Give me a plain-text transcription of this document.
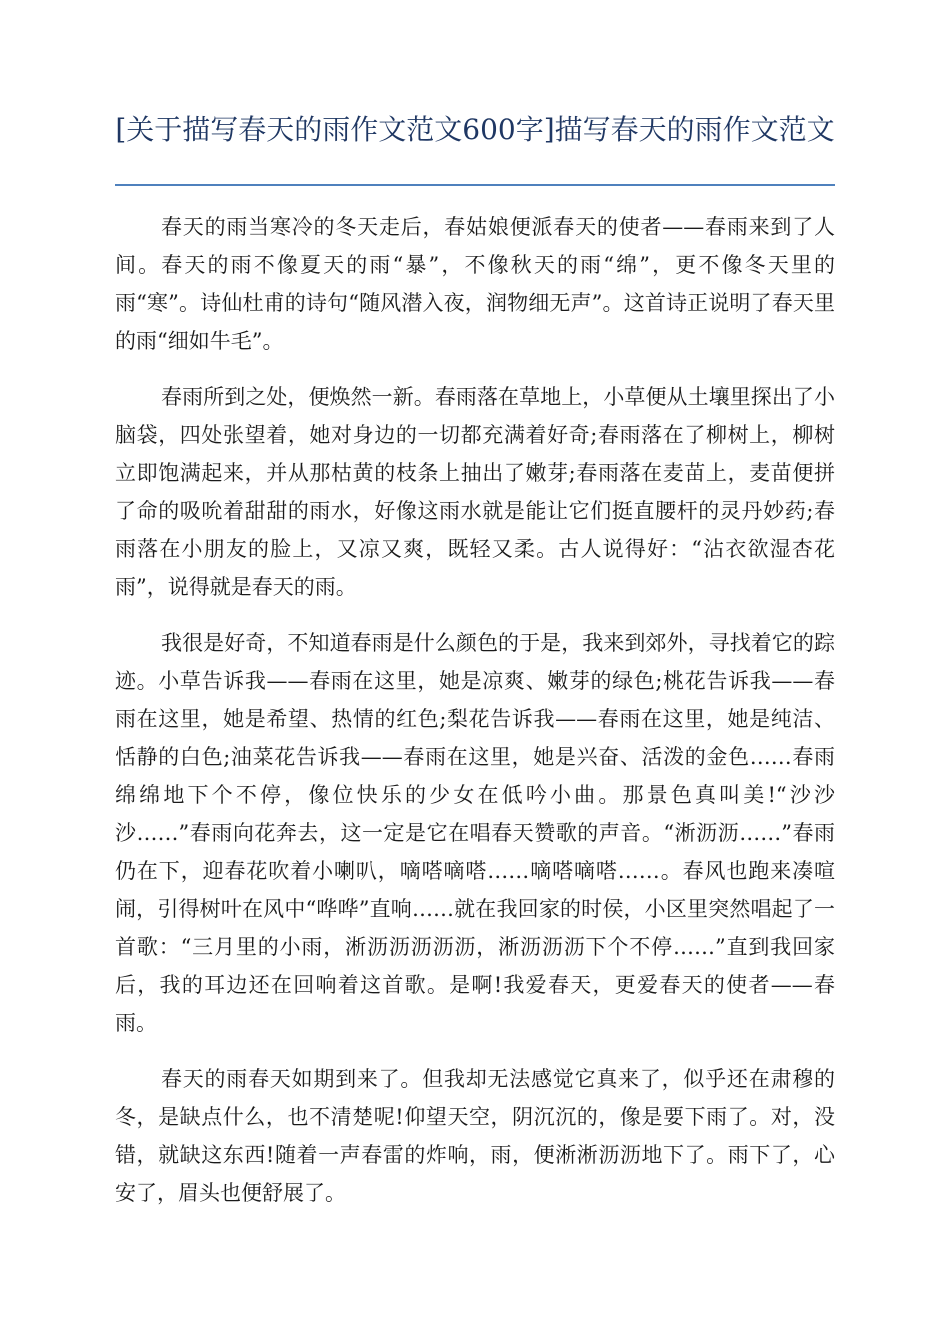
[关于描写春天的雨作文范文600字]描写春天的雨作文范文

春天的雨当寒冷的冬天走后，春姑娘便派春天的使者——春雨来到了人间。春天的雨不像夏天的雨“暴”，不像秋天的雨“绵”，更不像冬天里的雨“寒”。诗仙杜甫的诗句“随风潜入夜，润物细无声”。这首诗正说明了春天里的雨“细如牛毛”。

春雨所到之处，便焕然一新。春雨落在草地上，小草便从土壤里探出了小脑袋，四处张望着，她对身边的一切都充满着好奇;春雨落在了柳树上，柳树立即饱满起来，并从那枯黄的枝条上抽出了嫩芽;春雨落在麦苗上，麦苗便拼了命的吸吮着甜甜的雨水，好像这雨水就是能让它们挺直腰杆的灵丹妙药;春雨落在小朋友的脸上，又凉又爽，既轻又柔。古人说得好：“沾衣欲湿杏花雨”，说得就是春天的雨。

我很是好奇，不知道春雨是什么颜色的于是，我来到郊外，寻找着它的踪迹。小草告诉我——春雨在这里，她是凉爽、嫩芽的绿色;桃花告诉我——春雨在这里，她是希望、热情的红色;梨花告诉我——春雨在这里，她是纯洁、恬静的白色;油菜花告诉我——春雨在这里，她是兴奋、活泼的金色……春雨绵绵地下个不停，像位快乐的少女在低吟小曲。那景色真叫美!“沙沙沙……”春雨向花奔去，这一定是它在唱春天赞歌的声音。“淅沥沥……”春雨仍在下，迎春花吹着小喇叭，嘀嗒嘀嗒……嘀嗒嘀嗒……。春风也跑来凑喧闹，引得树叶在风中“哗哗”直响……就在我回家的时侯，小区里突然唱起了一首歌：“三月里的小雨，淅沥沥沥沥沥，淅沥沥沥下个不停……”直到我回家后，我的耳边还在回响着这首歌。是啊!我爱春天，更爱春天的使者——春雨。

春天的雨春天如期到来了。但我却无法感觉它真来了，似乎还在肃穆的冬，是缺点什么，也不清楚呢!仰望天空，阴沉沉的，像是要下雨了。对，没错，就缺这东西!随着一声春雷的炸响，雨，便淅淅沥沥地下了。雨下了，心安了，眉头也便舒展了。
